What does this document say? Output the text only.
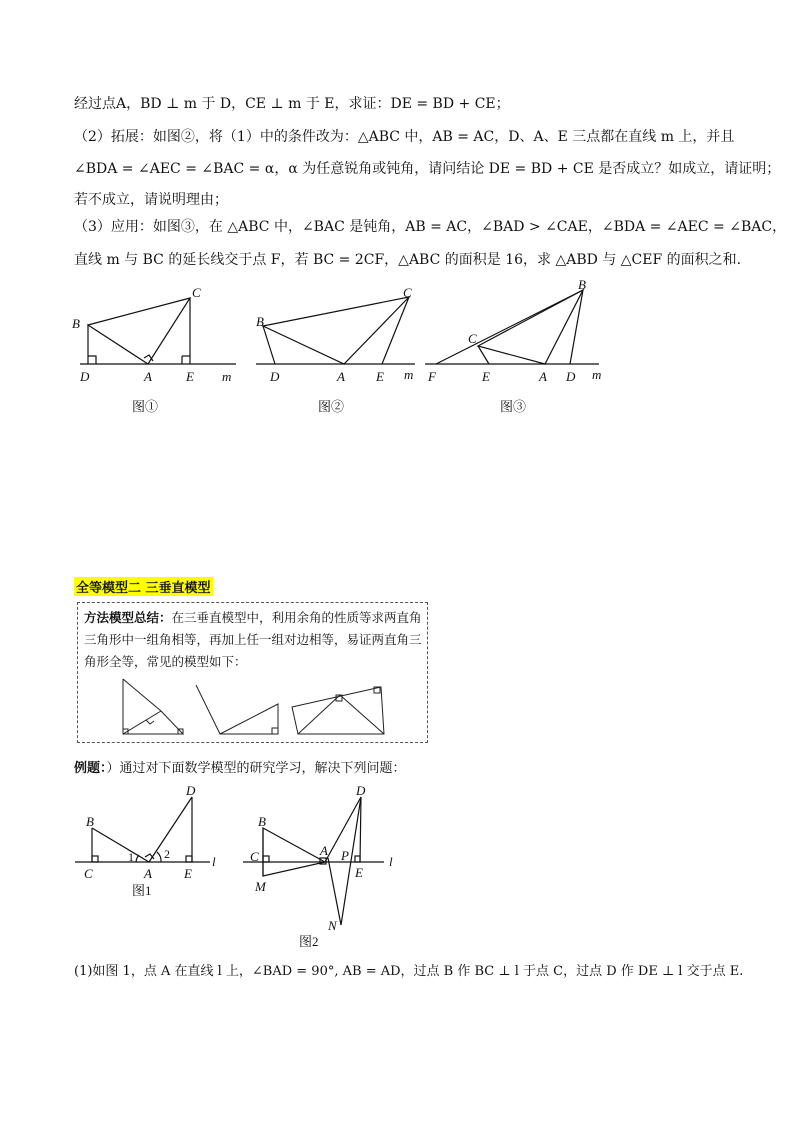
经过点A，BD ⊥ m 于 D，CE ⊥ m 于 E，求证：DE = BD + CE；
（2）拓展：如图②，将（1）中的条件改为：△ABC 中，AB = AC，D、A、E 三点都在直线 m 上，并且
∠BDA = ∠AEC = ∠BAC = α，α 为任意锐角或钝角，请问结论 DE = BD + CE 是否成立？如成立，请证明；
若不成立，请说明理由；
（3）应用：如图③，在 △ABC 中，∠BAC 是钝角，AB = AC，∠BAD > ∠CAE，∠BDA = ∠AEC = ∠BAC，
直线 m 与 BC 的延长线交于点 F，若 BC = 2CF，△ABC 的面积是 16，求 △ABD 与 △CEF 的面积之和.
B
C
D	A	E m
B
C
D	A E m
B
C
F	E	A D m
图①	图②	图③
全等模型二 三垂直模型
方法模型总结：在三垂直模型中，利用余角的性质等求两直角三角形中一组角相等，再加上任一组对边相等，易证两直角三角形全等，常见的模型如下：
例题：）通过对下面数学模型的研究学习，解决下列问题：
B
D
C	A E
l
1	2
B
D
C	A P
E
l
M
N
图1
图2
(1)如图 1，点 A 在直线 l 上，∠BAD = 90°, AB = AD，过点 B 作 BC ⊥ l 于点 C，过点 D 作 DE ⊥ l 交于点 E.
